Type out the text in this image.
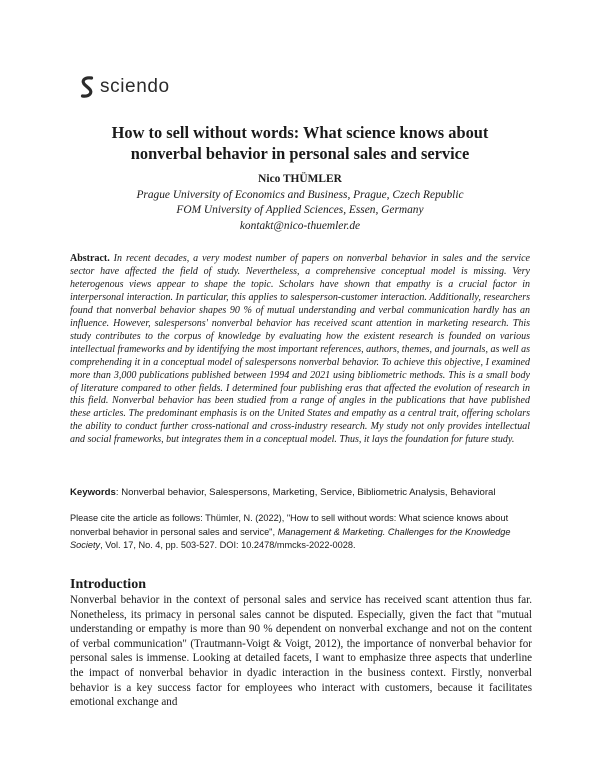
sciendo
How to sell without words: What science knows about
nonverbal behavior in personal sales and service
Nico THÜMLER
Prague University of Economics and Business, Prague, Czech Republic
FOM University of Applied Sciences, Essen, Germany
kontakt@nico-thuemler.de
Abstract. In recent decades, a very modest number of papers on nonverbal behavior in sales and the service sector have affected the field of study. Nevertheless, a comprehensive conceptual model is missing. Very heterogenous views appear to shape the topic. Scholars have shown that empathy is a crucial factor in interpersonal interaction. In particular, this applies to salesperson-customer interaction. Additionally, researchers found that nonverbal behavior shapes 90 % of mutual understanding and verbal communication hardly has an influence. However, salespersons' nonverbal behavior has received scant attention in marketing research. This study contributes to the corpus of knowledge by evaluating how the existent research is founded on various intellectual frameworks and by identifying the most important references, authors, themes, and journals, as well as comprehending it in a conceptual model of salespersons nonverbal behavior. To achieve this objective, I examined more than 3,000 publications published between 1994 and 2021 using bibliometric methods. This is a small body of literature compared to other fields. I determined four publishing eras that affected the evolution of research in this field. Nonverbal behavior has been studied from a range of angles in the publications that have published these articles. The predominant emphasis is on the United States and empathy as a central trait, offering scholars the ability to conduct further cross-national and cross-industry research. My study not only provides intellectual and social frameworks, but integrates them in a conceptual model. Thus, it lays the foundation for future study.
Keywords: Nonverbal behavior, Salespersons, Marketing, Service, Bibliometric Analysis, Behavioral
Please cite the article as follows: Thümler, N. (2022), "How to sell without words: What science knows about nonverbal behavior in personal sales and service", Management & Marketing. Challenges for the Knowledge Society, Vol. 17, No. 4, pp. 503-527. DOI: 10.2478/mmcks-2022-0028.
Introduction
Nonverbal behavior in the context of personal sales and service has received scant attention thus far. Nonetheless, its primacy in personal sales cannot be disputed. Especially, given the fact that "mutual understanding or empathy is more than 90 % dependent on nonverbal exchange and not on the content of verbal communication" (Trautmann-Voigt & Voigt, 2012), the importance of nonverbal behavior for personal sales is immense. Looking at detailed facets, I want to emphasize three aspects that underline the impact of nonverbal behavior in dyadic interaction in the business context. Firstly, nonverbal behavior is a key success factor for employees who interact with customers, because it facilitates emotional exchange and
